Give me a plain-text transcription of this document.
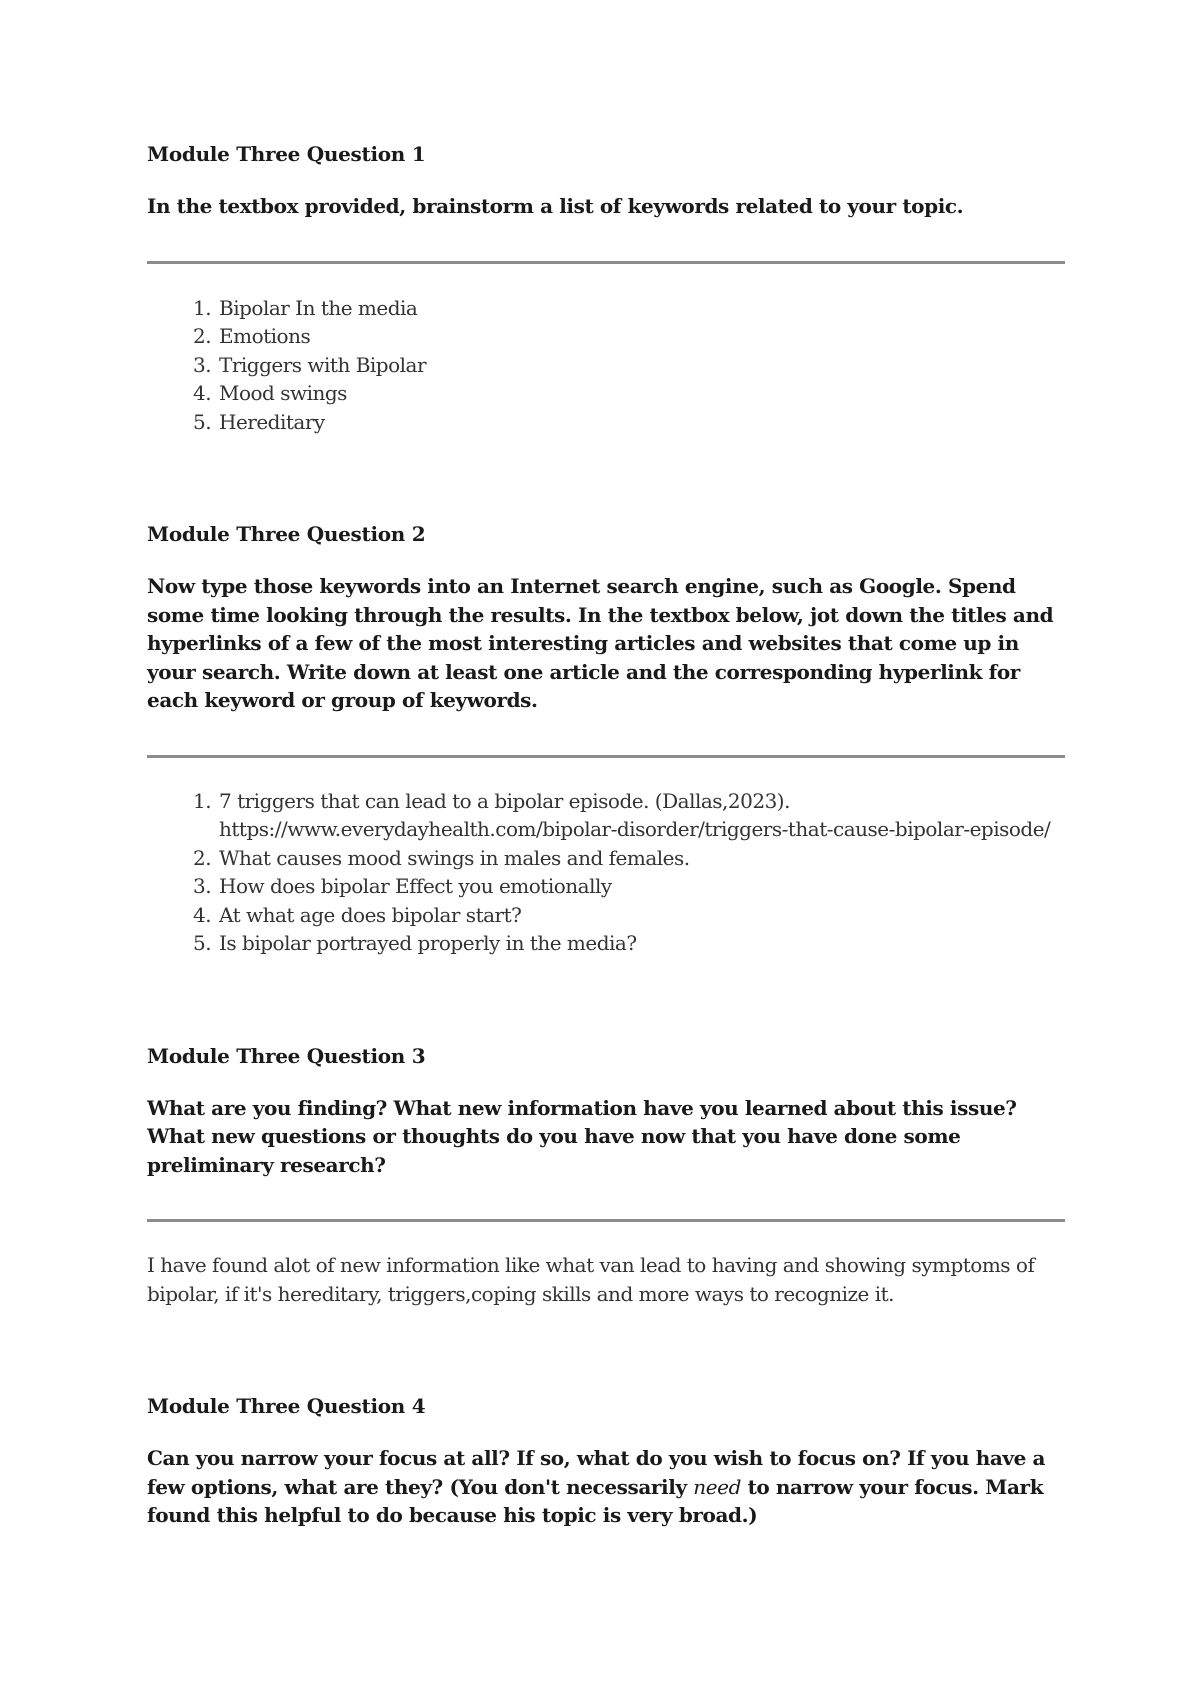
Module Three Question 1

In the textbox provided, brainstorm a list of keywords related to your topic.

1. Bipolar In the media
2. Emotions
3. Triggers with Bipolar
4. Mood swings
5. Hereditary
Module Three Question 2

Now type those keywords into an Internet search engine, such as Google. Spend some time looking through the results. In the textbox below, jot down the titles and hyperlinks of a few of the most interesting articles and websites that come up in your search. Write down at least one article and the corresponding hyperlink for each keyword or group of keywords.

1. 7 triggers that can lead to a bipolar episode. (Dallas,2023).
https://www.everydayhealth.com/bipolar-disorder/triggers-that-cause-bipolar-episode/
2. What causes mood swings in males and females.
3. How does bipolar Effect you emotionally
4. At what age does bipolar start?
5. Is bipolar portrayed properly in the media?
Module Three Question 3

What are you finding? What new information have you learned about this issue? What new questions or thoughts do you have now that you have done some preliminary research?

I have found alot of new information like what van lead to having and showing symptoms of bipolar, if it's hereditary, triggers,coping skills and more ways to recognize it.

Module Three Question 4

Can you narrow your focus at all? If so, what do you wish to focus on? If you have a few options, what are they? (You don't necessarily need to narrow your focus. Mark found this helpful to do because his topic is very broad.)
